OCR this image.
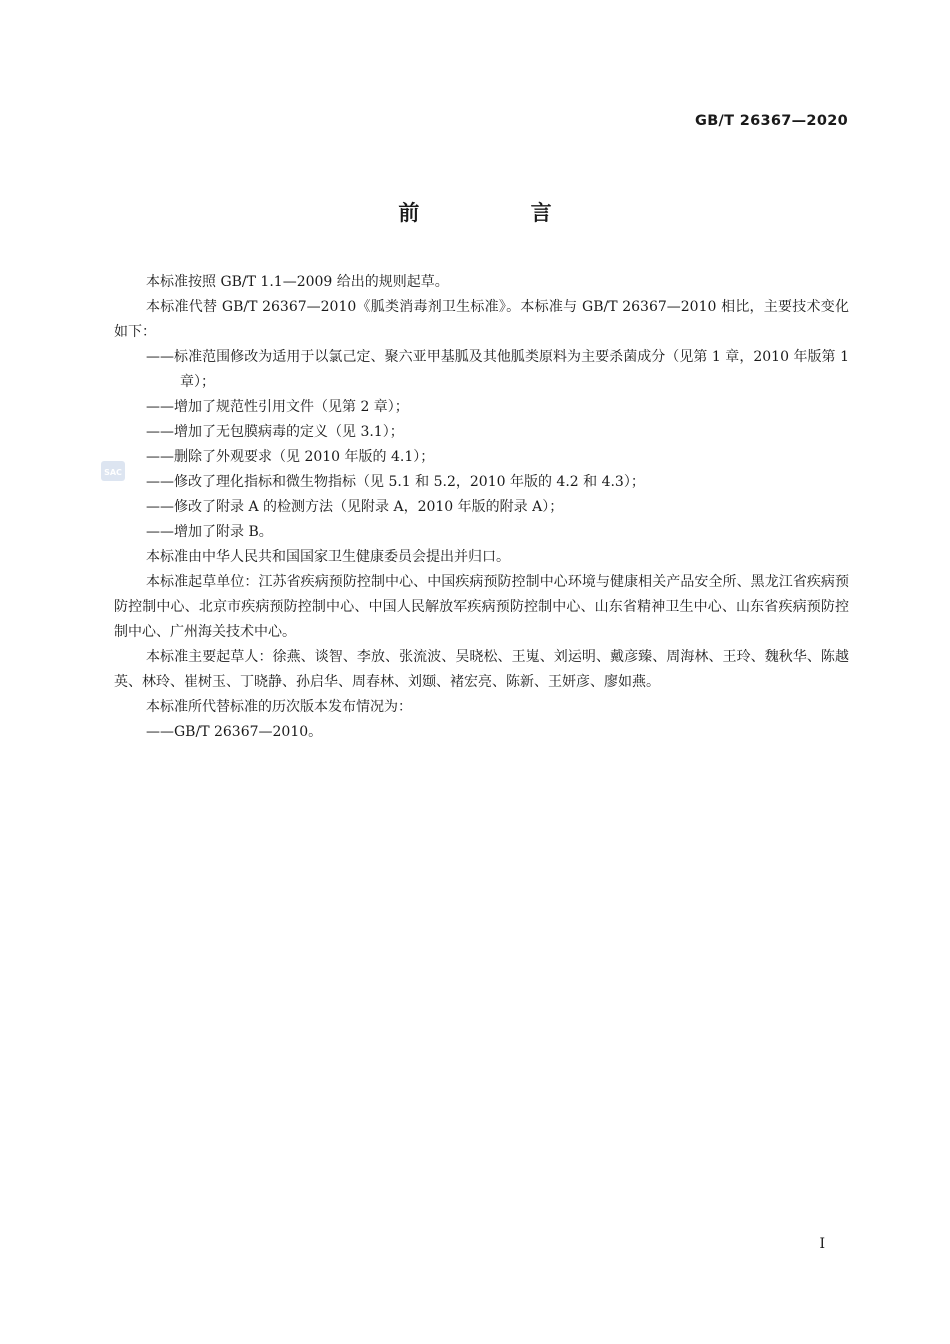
GB/T 26367—2020
前 言
SAC

本标准按照 GB/T 1.1—2009 给出的规则起草。

本标准代替 GB/T 26367—2010《胍类消毒剂卫生标准》。本标准与 GB/T 26367—2010 相比，主要技术变化如下：

——标准范围修改为适用于以氯己定、聚六亚甲基胍及其他胍类原料为主要杀菌成分（见第 1 章，2010 年版第 1 章）；

——增加了规范性引用文件（见第 2 章）；

——增加了无包膜病毒的定义（见 3.1）；

——删除了外观要求（见 2010 年版的 4.1）；

——修改了理化指标和微生物指标（见 5.1 和 5.2，2010 年版的 4.2 和 4.3）；

——修改了附录 A 的检测方法（见附录 A，2010 年版的附录 A）；

——增加了附录 B。

本标准由中华人民共和国国家卫生健康委员会提出并归口。

本标准起草单位：江苏省疾病预防控制中心、中国疾病预防控制中心环境与健康相关产品安全所、黑龙江省疾病预防控制中心、北京市疾病预防控制中心、中国人民解放军疾病预防控制中心、山东省精神卫生中心、山东省疾病预防控制中心、广州海关技术中心。

本标准主要起草人：徐燕、谈智、李放、张流波、吴晓松、王嵬、刘运明、戴彦臻、周海林、王玲、魏秋华、陈越英、林玲、崔树玉、丁晓静、孙启华、周春林、刘颋、褚宏亮、陈新、王妍彦、廖如燕。

本标准所代替标准的历次版本发布情况为：

——GB/T 26367—2010。

I
